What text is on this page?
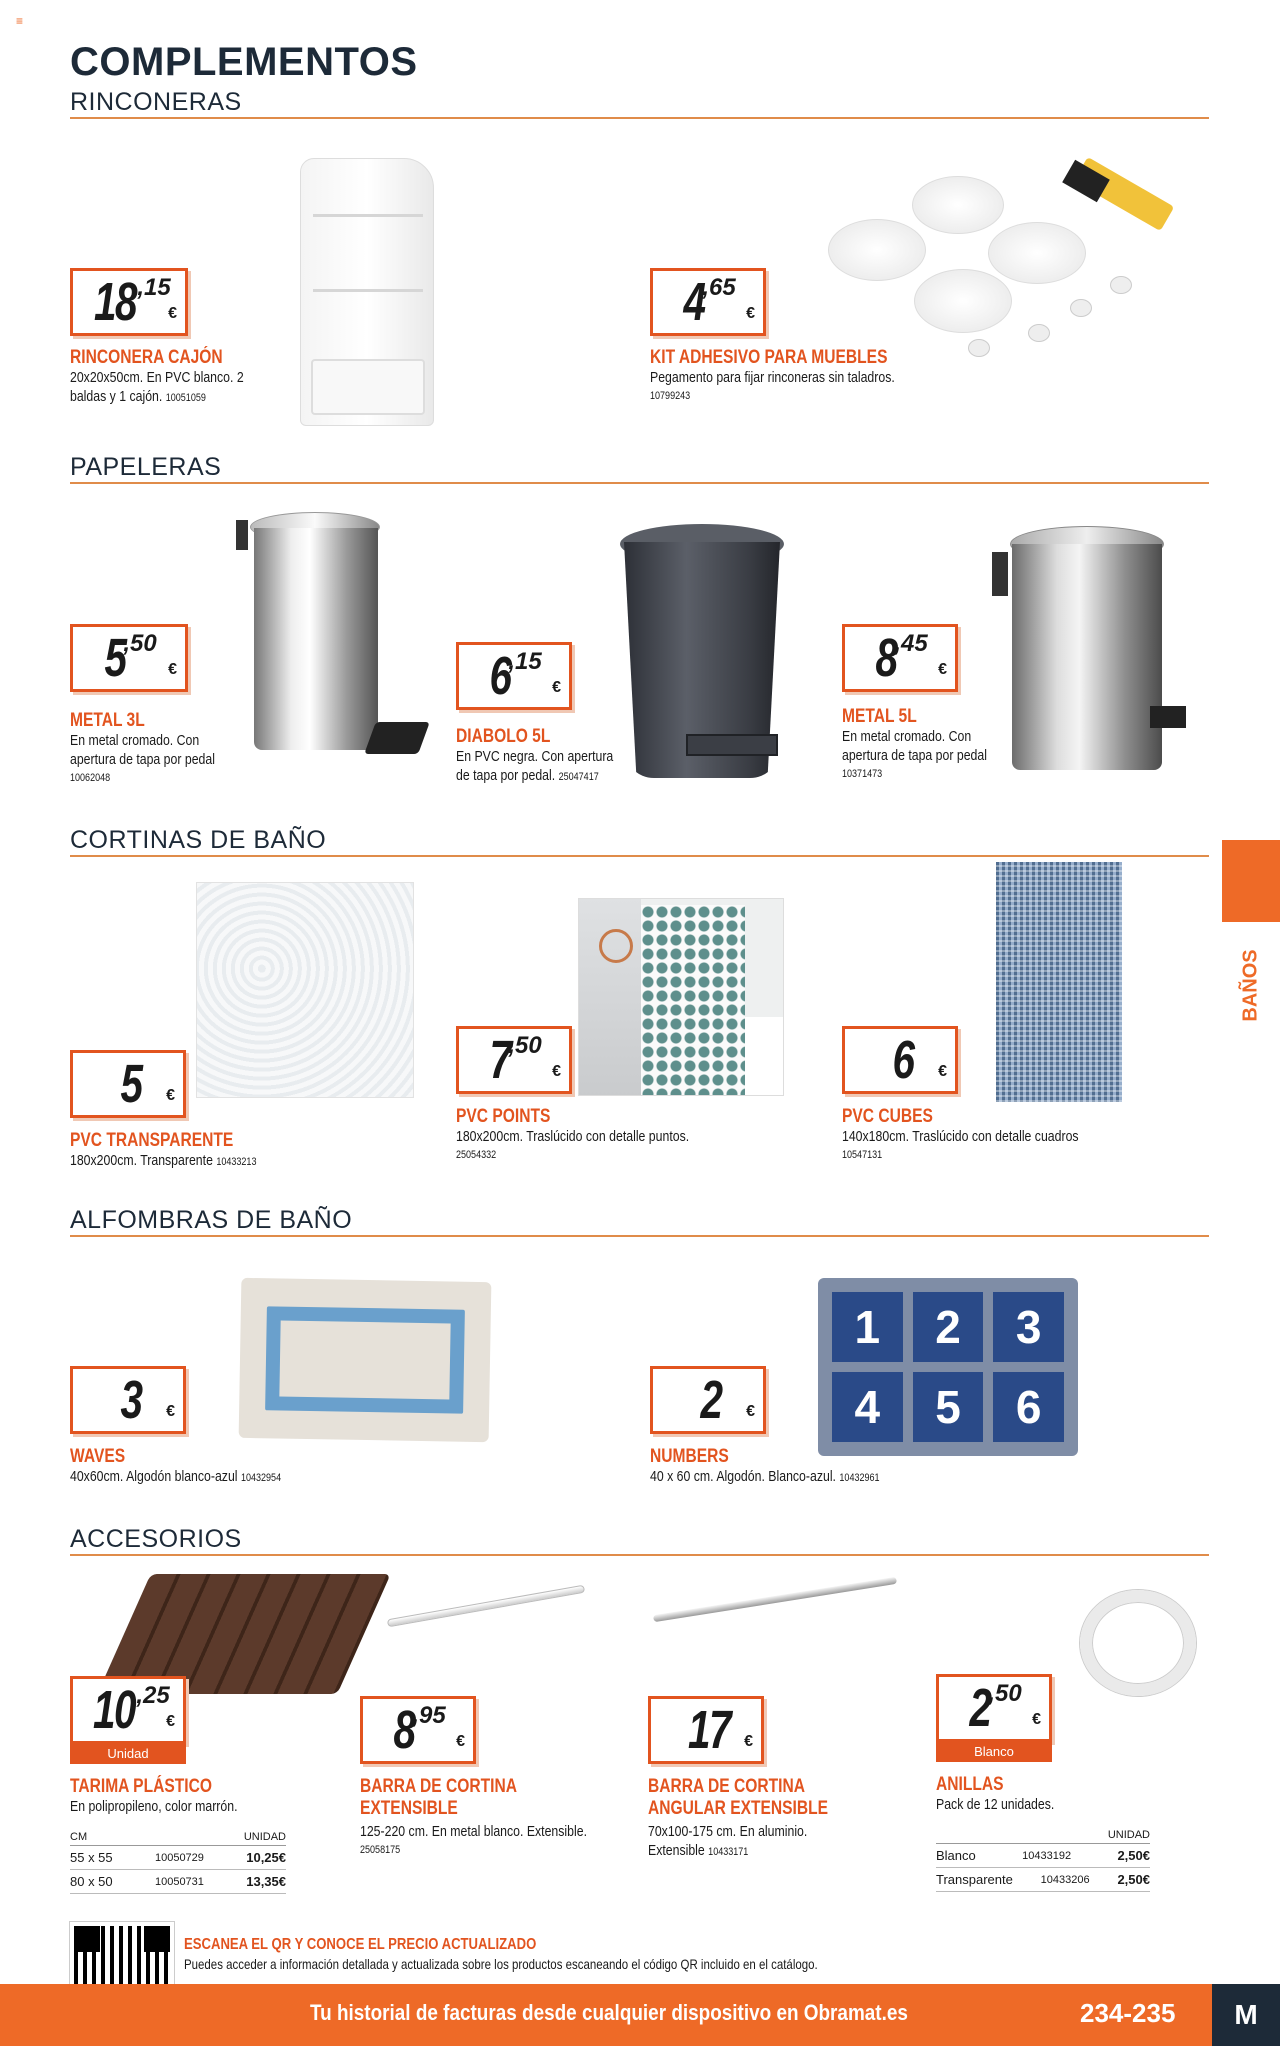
≡
COMPLEMENTOS
RINCONERAS
18 ,15
€
RINCONERA CAJÓN
20x20x50cm. En PVC blanco. 2
baldas y 1 cajón. 10051059
4
,65
€
KIT ADHESIVO PARA MUEBLES
Pegamento para fijar rinconeras sin taladros.
10799243
PAPELERAS
5
,50
€
METAL 3L
En metal cromado. Con
apertura de tapa por pedal
10062048
6
,15
€
DIABOLO 5L
En PVC negra. Con apertura
de tapa por pedal. 25047417
8
,45
€
METAL 5L
En metal cromado. Con
apertura de tapa por pedal
10371473
BAÑOS
CORTINAS DE BAÑO
5 €
PVC TRANSPARENTE
180x200cm. Transparente 10433213
7
,50
€
PVC POINTS
180x200cm. Traslúcido con detalle puntos.
25054332
6 €
PVC CUBES
140x180cm. Traslúcido con detalle cuadros
10547131
ALFOMBRAS DE BAÑO
3 €
WAVES
40x60cm. Algodón blanco-azul 10432954
1	2	3
4	5	6
2 €
NUMBERS
40 x 60 cm. Algodón. Blanco-azul. 10432961
ACCESORIOS
10 ,25
€
Unidad
TARIMA PLÁSTICO
En polipropileno, color marrón.
CM	UNIDAD
55 x 55	10050729	10,25€
80 x 50	10050731	13,35€
8
,95
€
BARRA DE CORTINA
EXTENSIBLE
125-220 cm. En metal blanco. Extensible.
25058175
17 €
BARRA DE CORTINA
ANGULAR EXTENSIBLE
70x100-175 cm. En aluminio.
Extensible 10433171
2
,50
€
Blanco
ANILLAS
Pack de 12 unidades.
UNIDAD
Blanco	10433192	2,50€
Transparente	10433206 2,50€
ESCANEA EL QR Y CONOCE EL PRECIO ACTUALIZADO
Puedes acceder a información detallada y actualizada sobre los productos escaneando el código QR incluido en el catálogo.
Tu historial de facturas desde cualquier dispositivo en Obramat.es	234-235	M
